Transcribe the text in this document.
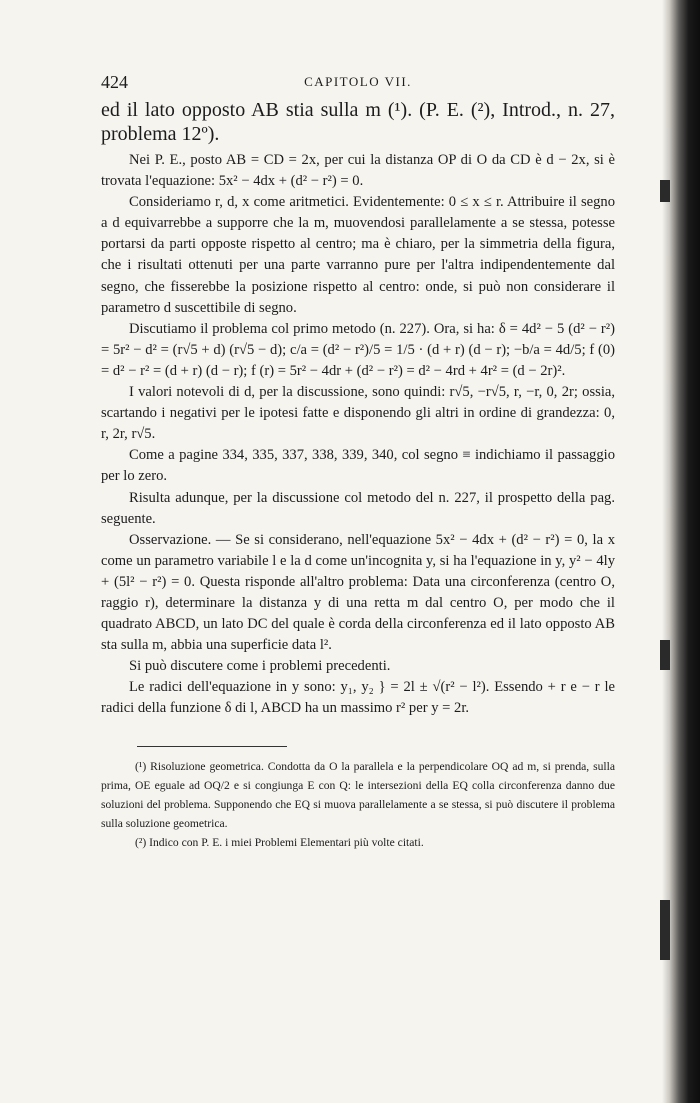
424	CAPITOLO VII.

ed il lato opposto AB stia sulla m (¹). (P. E. (²), Introd., n. 27, problema 12º).

Nei P. E., posto AB = CD = 2x, per cui la distanza OP di O da CD è d − 2x, si è trovata l'equazione: 5x² − 4dx + (d² − r²) = 0.

Consideriamo r, d, x come aritmetici. Evidentemente: 0 ≤ x ≤ r. Attribuire il segno a d equivarrebbe a supporre che la m, muovendosi parallelamente a se stessa, potesse portarsi da parti opposte rispetto al centro; ma è chiaro, per la simmetria della figura, che i risultati ottenuti per una parte varranno pure per l'altra indipendentemente dal segno, che fisserebbe la posizione rispetto al centro: onde, si può non considerare il parametro d suscettibile di segno.

Discutiamo il problema col primo metodo (n. 227). Ora, si ha: δ = 4d² − 5 (d² − r²) = 5r² − d² = (r√5 + d) (r√5 − d); c/a = (d² − r²)/5 = 1/5 · (d + r) (d − r); −b/a = 4d/5; f (0) = d² − r² = (d + r) (d − r); f (r) = 5r² − 4dr + (d² − r²) = d² − 4rd + 4r² = (d − 2r)².

I valori notevoli di d, per la discussione, sono quindi: r√5, −r√5, r, −r, 0, 2r; ossia, scartando i negativi per le ipotesi fatte e disponendo gli altri in ordine di grandezza: 0, r, 2r, r√5.

Come a pagine 334, 335, 337, 338, 339, 340, col segno ≡ indichiamo il passaggio per lo zero.

Risulta adunque, per la discussione col metodo del n. 227, il prospetto della pag. seguente.

Osservazione. — Se si considerano, nell'equazione 5x² − 4dx + (d² − r²) = 0, la x come un parametro variabile l e la d come un'incognita y, si ha l'equazione in y, y² − 4ly + (5l² − r²) = 0. Questa risponde all'altro problema: Data una circonferenza (centro O, raggio r), determinare la distanza y di una retta m dal centro O, per modo che il quadrato ABCD, un lato DC del quale è corda della circonferenza ed il lato opposto AB sta sulla m, abbia una superficie data l².

Si può discutere come i problemi precedenti.

Le radici dell'equazione in y sono: y₁, y₂ } = 2l ± √(r² − l²). Essendo + r e − r le radici della funzione δ di l, ABCD ha un massimo r² per y = 2r.

(¹) Risoluzione geometrica. Condotta da O la parallela e la perpendicolare OQ ad m, si prenda, sulla prima, OE eguale ad OQ/2 e si congiunga E con Q: le intersezioni della EQ colla circonferenza danno due soluzioni del problema. Supponendo che EQ si muova parallelamente a se stessa, si può discutere il problema sulla soluzione geometrica.

(²) Indico con P. E. i miei Problemi Elementari più volte citati.
